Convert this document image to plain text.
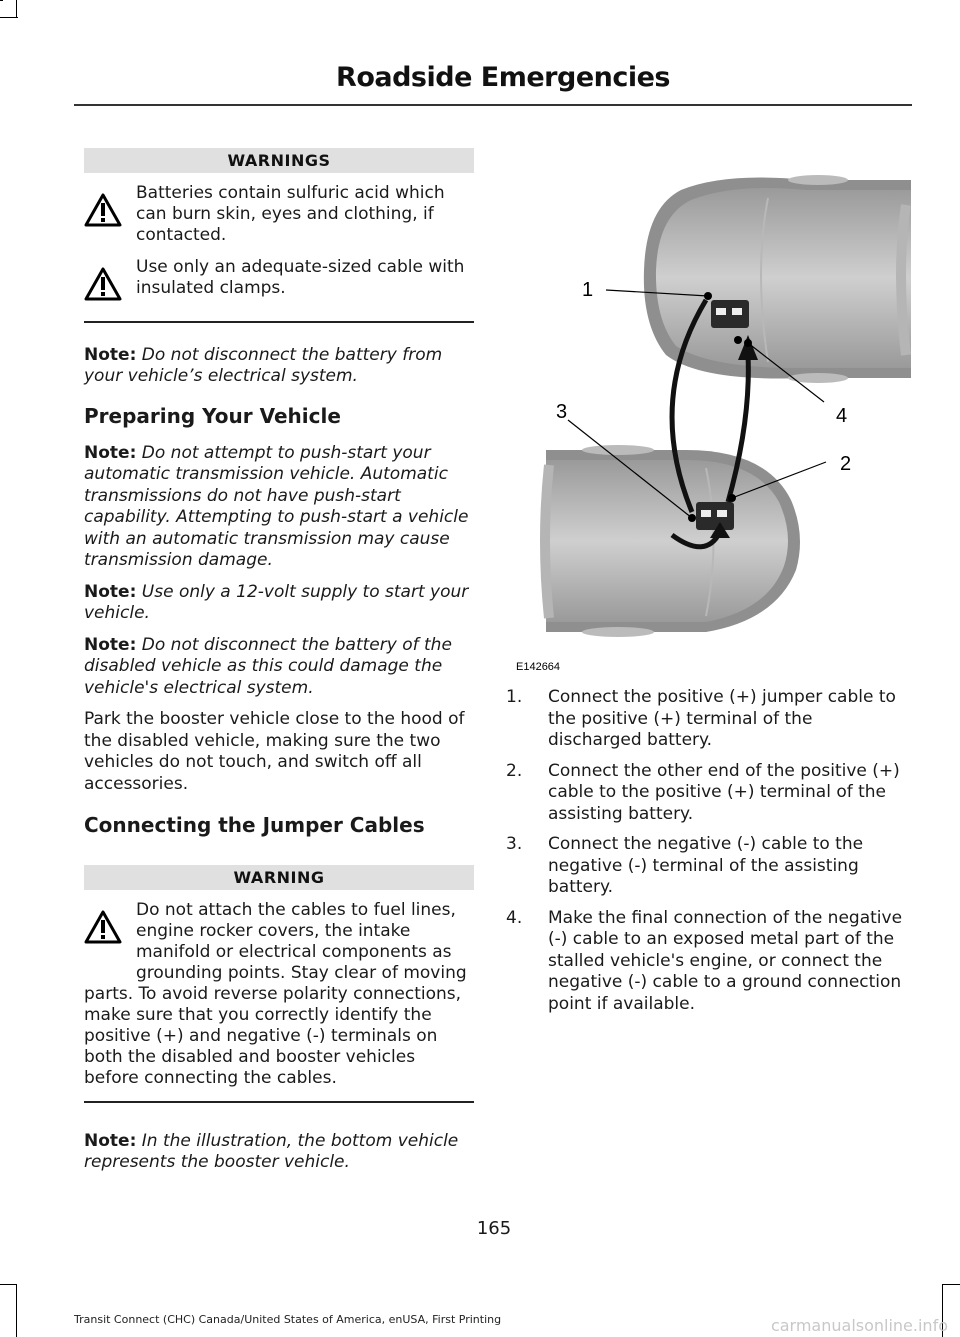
Roadside Emergencies
WARNINGS
Batteries contain sulfuric acid which can burn skin, eyes and clothing, if contacted.
Use only an adequate-sized cable with insulated clamps.

Note: Do not disconnect the battery from your vehicle’s electrical system.

Preparing Your Vehicle

Note: Do not attempt to push-start your automatic transmission vehicle. Automatic transmissions do not have push-start capability. Attempting to push-start a vehicle with an automatic transmission may cause transmission damage.

Note: Use only a 12-volt supply to start your vehicle.

Note: Do not disconnect the battery of the disabled vehicle as this could damage the vehicle's electrical system.

Park the booster vehicle close to the hood of the disabled vehicle, making sure the two vehicles do not touch, and switch off all accessories.

Connecting the Jumper Cables
WARNING
Do not attach the cables to fuel lines, engine rocker covers, the intake manifold or electrical components as grounding points. Stay clear of moving parts. To avoid reverse polarity connections, make sure that you correctly identify the positive (+) and negative (-) terminals on both the disabled and booster vehicles before connecting the cables.

Note: In the illustration, the bottom vehicle represents the booster vehicle.

1
2
3	4
E142664
1.	Connect the positive (+) jumper cable to the positive (+) terminal of the discharged battery.
2.	Connect the other end of the positive (+) cable to the positive (+) terminal of the assisting battery.
3.	Connect the negative (-) cable to the negative (-) terminal of the assisting battery.
4.	Make the final connection of the negative (-) cable to an exposed metal part of the stalled vehicle's engine, or connect the negative (-) cable to a ground connection point if available.
165
Transit Connect (CHC) Canada/United States of America, enUSA, First Printing	carmanualsonline.info
